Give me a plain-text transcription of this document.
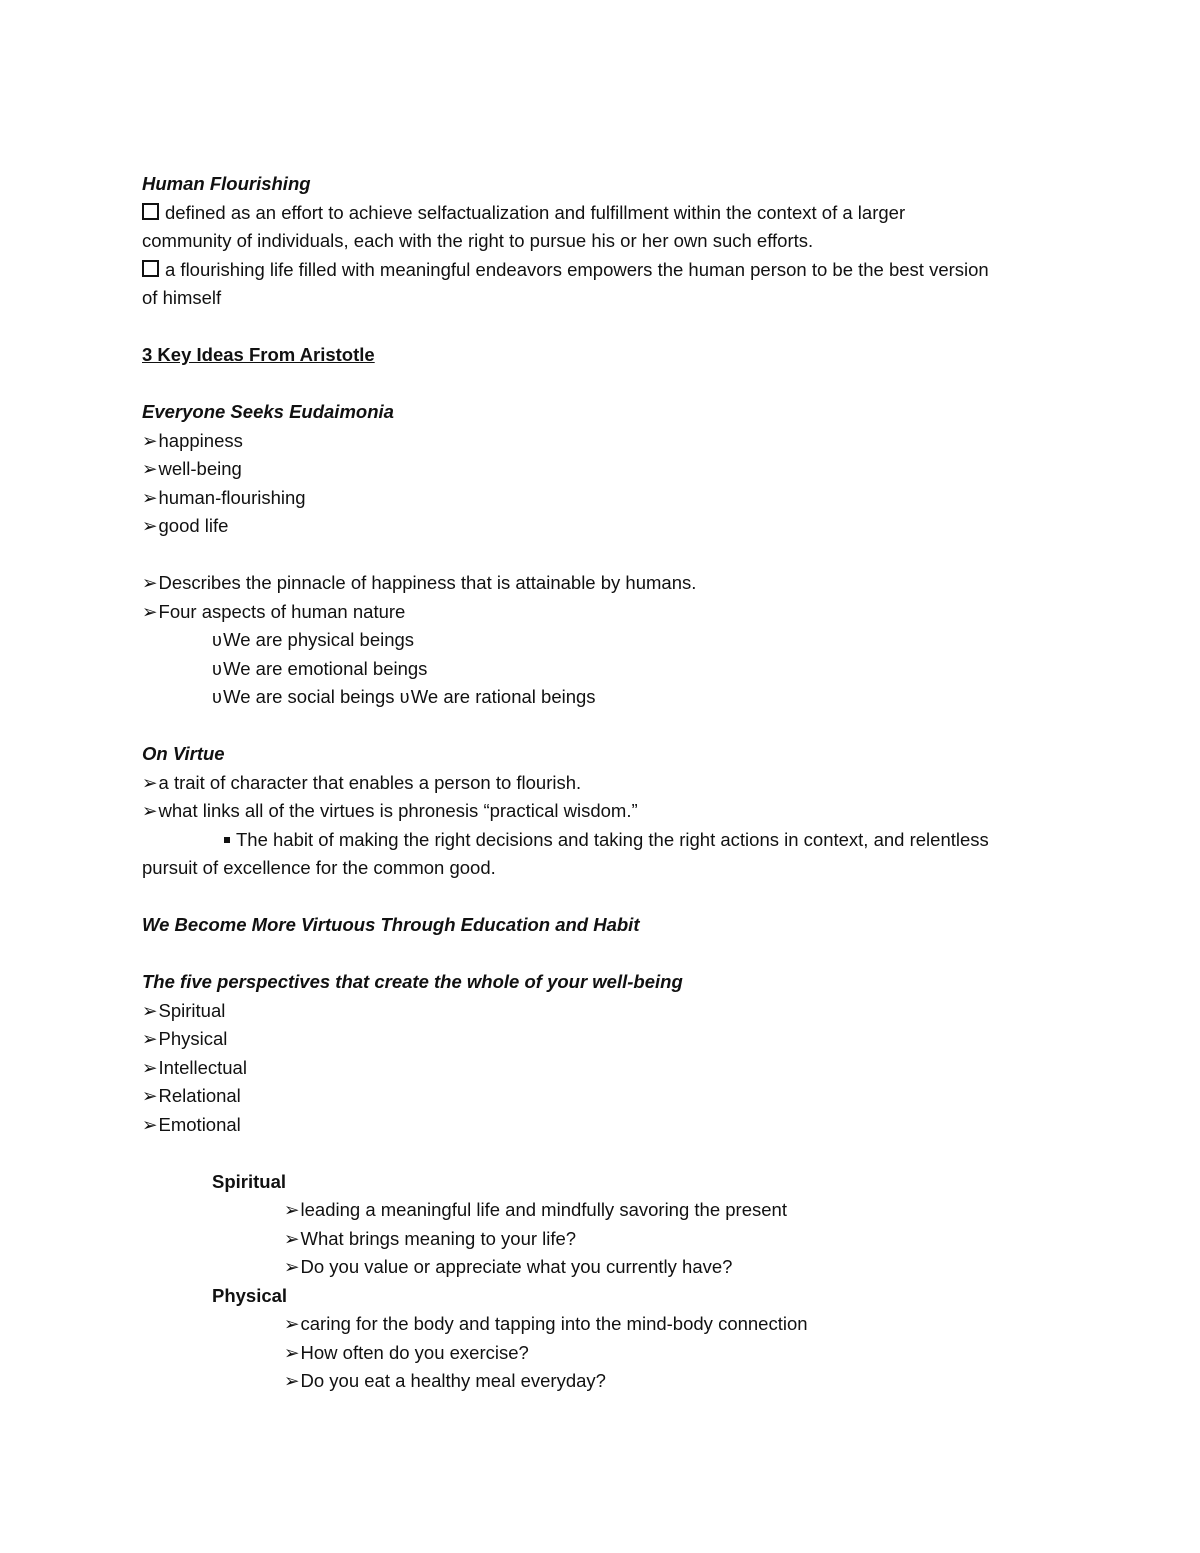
Human Flourishing
defined as an effort to achieve selfactualization and fulfillment within the context of a larger
community of individuals, each with the right to pursue his or her own such efforts.
a flourishing life filled with meaningful endeavors empowers the human person to be the best version
of himself
3 Key Ideas From Aristotle
Everyone Seeks Eudaimonia
➢happiness
➢well-being
➢human-flourishing
➢good life
➢Describes the pinnacle of happiness that is attainable by humans.
➢Four aspects of human nature
ʋWe are physical beings
ʋWe are emotional beings
ʋWe are social beings ʋWe are rational beings
On Virtue
➢a trait of character that enables a person to flourish.
➢what links all of the virtues is phronesis “practical wisdom.”
The habit of making the right decisions and taking the right actions in context, and relentless
pursuit of excellence for the common good.
We Become More Virtuous Through Education and Habit
The five perspectives that create the whole of your well-being
➢Spiritual
➢Physical
➢Intellectual
➢Relational
➢Emotional
Spiritual
➢leading a meaningful life and mindfully savoring the present
➢What brings meaning to your life?
➢Do you value or appreciate what you currently have?
Physical
➢caring for the body and tapping into the mind-body connection
➢How often do you exercise?
➢Do you eat a healthy meal everyday?
